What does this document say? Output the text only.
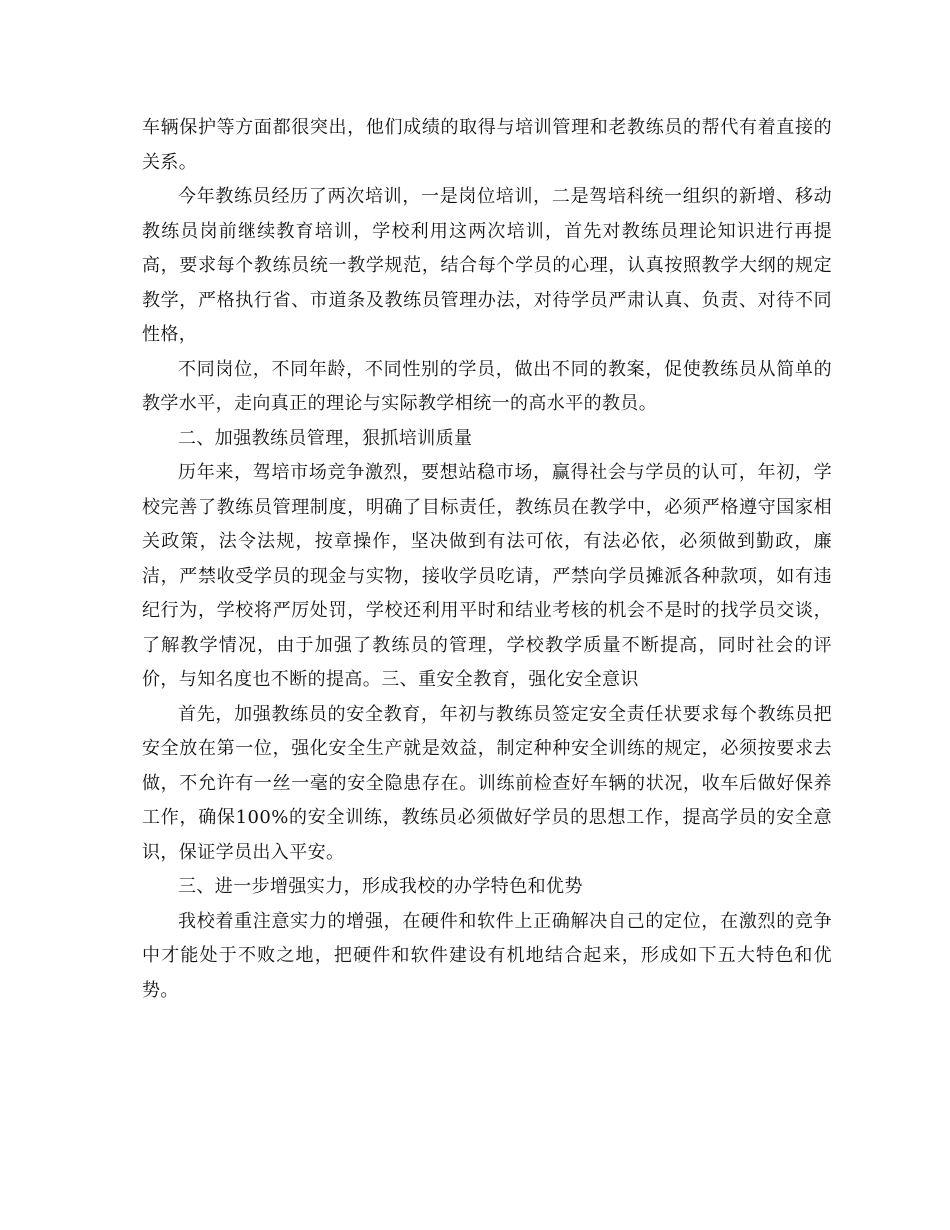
车辆保护等方面都很突出，他们成绩的取得与培训管理和老教练员的帮代有着直接的关系。

今年教练员经历了两次培训，一是岗位培训，二是驾培科统一组织的新增、移动教练员岗前继续教育培训，学校利用这两次培训，首先对教练员理论知识进行再提高，要求每个教练员统一教学规范，结合每个学员的心理，认真按照教学大纲的规定教学，严格执行省、市道条及教练员管理办法，对待学员严肃认真、负责、对待不同性格，

不同岗位，不同年龄，不同性别的学员，做出不同的教案，促使教练员从简单的教学水平，走向真正的理论与实际教学相统一的高水平的教员。

二、加强教练员管理，狠抓培训质量

历年来，驾培市场竞争激烈，要想站稳市场，赢得社会与学员的认可，年初，学校完善了教练员管理制度，明确了目标责任，教练员在教学中，必须严格遵守国家相关政策，法令法规，按章操作，坚决做到有法可依，有法必依，必须做到勤政，廉洁，严禁收受学员的现金与实物，接收学员吃请，严禁向学员摊派各种款项，如有违纪行为，学校将严厉处罚，学校还利用平时和结业考核的机会不是时的找学员交谈，了解教学情况，由于加强了教练员的管理，学校教学质量不断提高，同时社会的评价，与知名度也不断的提高。三、重安全教育，强化安全意识

首先，加强教练员的安全教育，年初与教练员签定安全责任状要求每个教练员把安全放在第一位，强化安全生产就是效益，制定种种安全训练的规定，必须按要求去做，不允许有一丝一毫的安全隐患存在。训练前检查好车辆的状况，收车后做好保养工作，确保100%的安全训练，教练员必须做好学员的思想工作，提高学员的安全意识，保证学员出入平安。

三、进一步增强实力，形成我校的办学特色和优势

我校着重注意实力的增强，在硬件和软件上正确解决自己的定位，在激烈的竞争中才能处于不败之地，把硬件和软件建设有机地结合起来，形成如下五大特色和优势。
